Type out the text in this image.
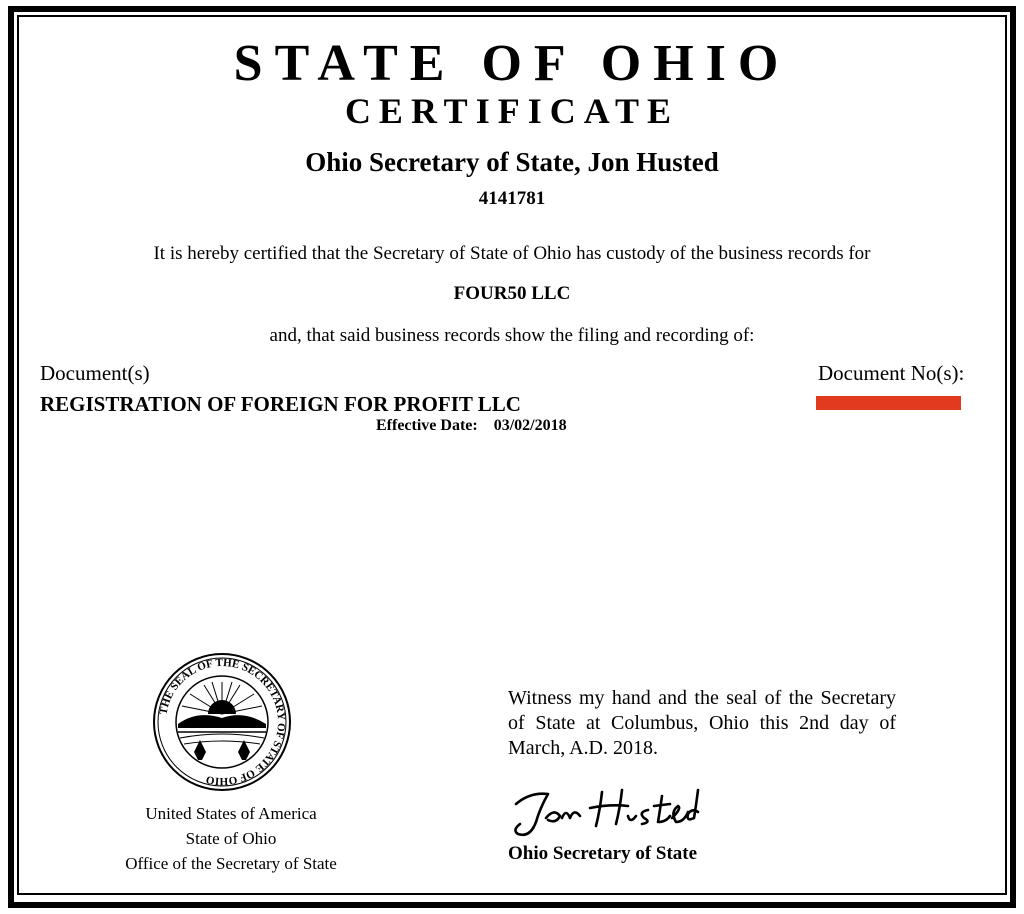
STATE OF OHIO
CERTIFICATE
Ohio Secretary of State, Jon Husted
4141781
It is hereby certified that the Secretary of State of Ohio has custody of the business records for
FOUR50 LLC
and, that said business records show the filing and recording of:
Document(s)	Document No(s):
REGISTRATION OF FOREIGN FOR PROFIT LLC
Effective Date: 03/02/2018
THE SEAL OF THE SECRETARY OF STATE OF OHIO
United States of America
State of Ohio
Office of the Secretary of State
Witness my hand and the seal of the Secretary of State at Columbus, Ohio this 2nd day of March, A.D. 2018.
Ohio Secretary of State
